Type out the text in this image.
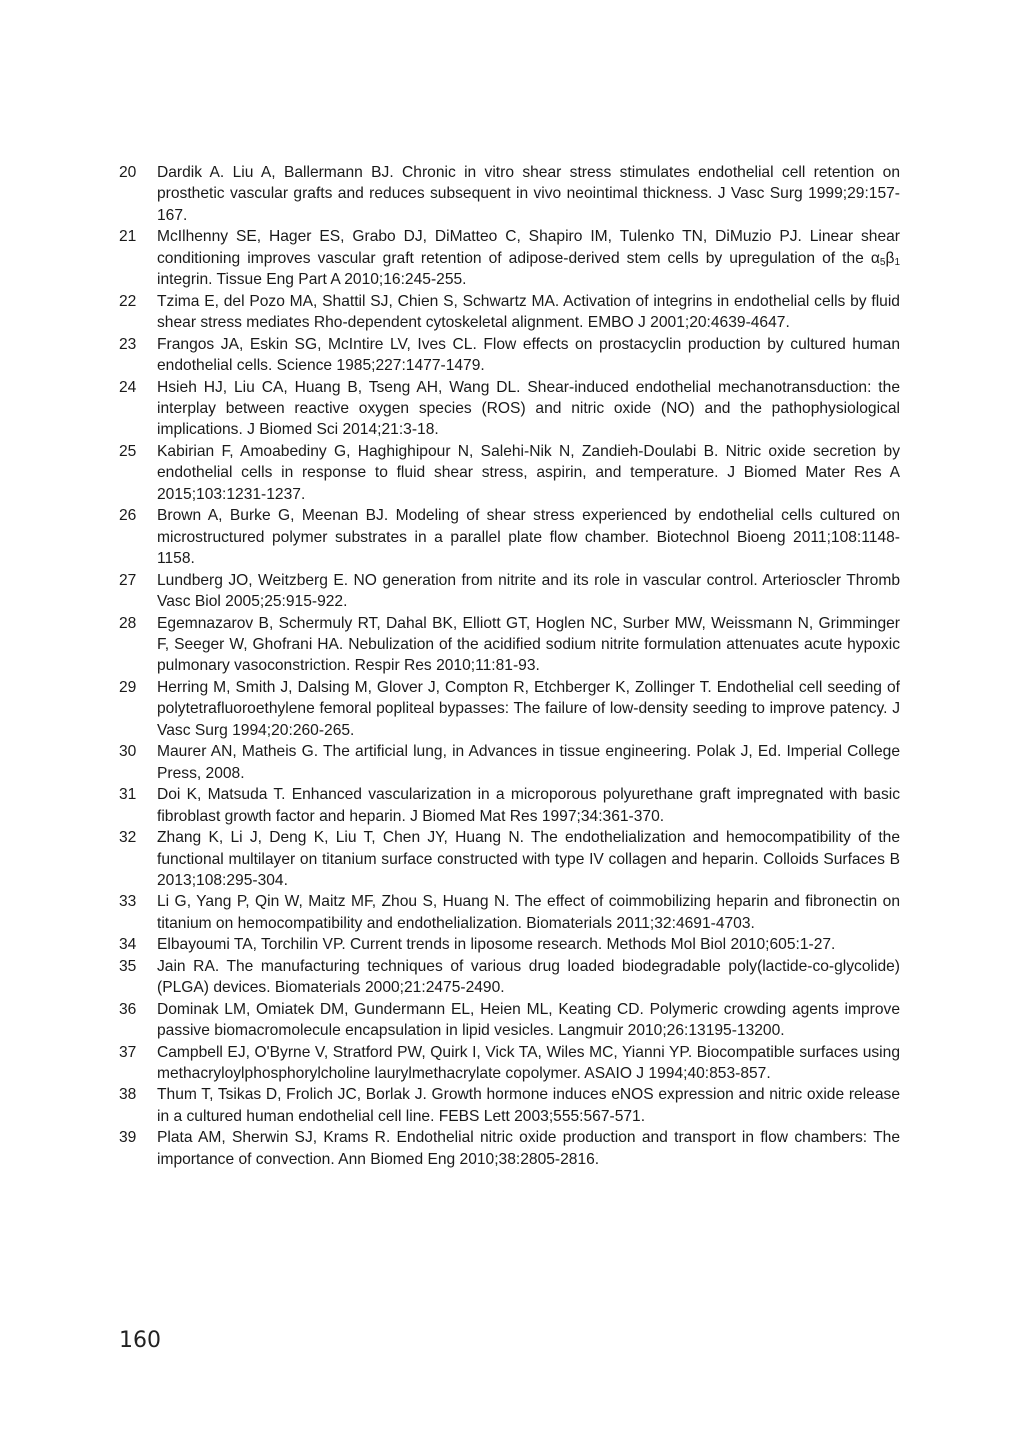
20	Dardik A. Liu A, Ballermann BJ. Chronic in vitro shear stress stimulates endothelial cell retention on prosthetic vascular grafts and reduces subsequent in vivo neointimal thickness. J Vasc Surg 1999;29:157-167.
21	McIlhenny SE, Hager ES, Grabo DJ, DiMatteo C, Shapiro IM, Tulenko TN, DiMuzio PJ. Linear shear conditioning improves vascular graft retention of adipose-derived stem cells by upregulation of the $\alpha_5\beta_1$ integrin. Tissue Eng Part A 2010;16:245-255.
22	Tzima E, del Pozo MA, Shattil SJ, Chien S, Schwartz MA. Activation of integrins in endothelial cells by fluid shear stress mediates Rho-dependent cytoskeletal alignment. EMBO J 2001;20:4639-4647.
23	Frangos JA, Eskin SG, McIntire LV, Ives CL. Flow effects on prostacyclin production by cultured human endothelial cells. Science 1985;227:1477-1479.
24	Hsieh HJ, Liu CA, Huang B, Tseng AH, Wang DL. Shear-induced endothelial mechanotransduction: the interplay between reactive oxygen species (ROS) and nitric oxide (NO) and the pathophysiological implications. J Biomed Sci 2014;21:3-18.
25	Kabirian F, Amoabediny G, Haghighipour N, Salehi-Nik N, Zandieh-Doulabi B. Nitric oxide secretion by endothelial cells in response to fluid shear stress, aspirin, and temperature. J Biomed Mater Res A 2015;103:1231-1237.
26	Brown A, Burke G, Meenan BJ. Modeling of shear stress experienced by endothelial cells cultured on microstructured polymer substrates in a parallel plate flow chamber. Biotechnol Bioeng 2011;108:1148-1158.
27	Lundberg JO, Weitzberg E. NO generation from nitrite and its role in vascular control. Arterioscler Thromb Vasc Biol 2005;25:915-922.
28	Egemnazarov B, Schermuly RT, Dahal BK, Elliott GT, Hoglen NC, Surber MW, Weissmann N, Grimminger F, Seeger W, Ghofrani HA. Nebulization of the acidified sodium nitrite formulation attenuates acute hypoxic pulmonary vasoconstriction. Respir Res 2010;11:81-93.
29	Herring M, Smith J, Dalsing M, Glover J, Compton R, Etchberger K, Zollinger T. Endothelial cell seeding of polytetrafluoroethylene femoral popliteal bypasses: The failure of low-density seeding to improve patency. J Vasc Surg 1994;20:260-265.
30	Maurer AN, Matheis G. The artificial lung, in Advances in tissue engineering. Polak J, Ed. Imperial College Press, 2008.
31	Doi K, Matsuda T. Enhanced vascularization in a microporous polyurethane graft impregnated with basic fibroblast growth factor and heparin. J Biomed Mat Res 1997;34:361-370.
32	Zhang K, Li J, Deng K, Liu T, Chen JY, Huang N. The endothelialization and hemocompatibility of the functional multilayer on titanium surface constructed with type IV collagen and heparin. Colloids Surfaces B 2013;108:295-304.
33	Li G, Yang P, Qin W, Maitz MF, Zhou S, Huang N. The effect of coimmobilizing heparin and fibronectin on titanium on hemocompatibility and endothelialization. Biomaterials 2011;32:4691-4703.
34	Elbayoumi TA, Torchilin VP. Current trends in liposome research. Methods Mol Biol 2010;605:1-27.
35	Jain RA. The manufacturing techniques of various drug loaded biodegradable poly(lactide-co-glycolide) (PLGA) devices. Biomaterials 2000;21:2475-2490.
36	Dominak LM, Omiatek DM, Gundermann EL, Heien ML, Keating CD. Polymeric crowding agents improve passive biomacromolecule encapsulation in lipid vesicles. Langmuir 2010;26:13195-13200.
37	Campbell EJ, O'Byrne V, Stratford PW, Quirk I, Vick TA, Wiles MC, Yianni YP. Biocompatible surfaces using methacryloylphosphorylcholine laurylmethacrylate copolymer. ASAIO J 1994;40:853-857.
38	Thum T, Tsikas D, Frolich JC, Borlak J. Growth hormone induces eNOS expression and nitric oxide release in a cultured human endothelial cell line. FEBS Lett 2003;555:567-571.
39	Plata AM, Sherwin SJ, Krams R. Endothelial nitric oxide production and transport in flow chambers: The importance of convection. Ann Biomed Eng 2010;38:2805-2816.
160
